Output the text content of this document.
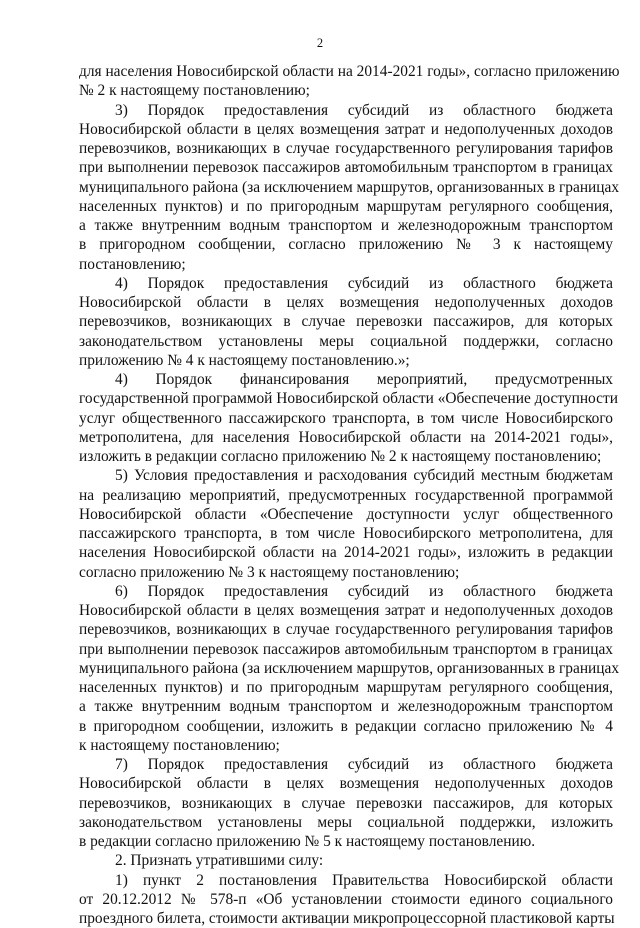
2

для населения Новосибирской области на 2014-2021 годы», согласно приложению

№ 2 к настоящему постановлению;

3) Порядок предоставления субсидий из областного бюджета

Новосибирской области в целях возмещения затрат и недополученных доходов

перевозчиков, возникающих в случае государственного регулирования тарифов

при выполнении перевозок пассажиров автомобильным транспортом в границах

муниципального района (за исключением маршрутов, организованных в границах

населенных пунктов) и по пригородным маршрутам регулярного сообщения,

а также внутренним водным транспортом и железнодорожным транспортом

в пригородном сообщении, согласно приложению № 3 к настоящему

постановлению;

4) Порядок предоставления субсидий из областного бюджета

Новосибирской области в целях возмещения недополученных доходов

перевозчиков, возникающих в случае перевозки пассажиров, для которых

законодательством установлены меры социальной поддержки, согласно

приложению № 4 к настоящему постановлению.»;

4) Порядок финансирования мероприятий, предусмотренных

государственной программой Новосибирской области «Обеспечение доступности

услуг общественного пассажирского транспорта, в том числе Новосибирского

метрополитена, для населения Новосибирской области на 2014-2021 годы»,

изложить в редакции согласно приложению № 2 к настоящему постановлению;

5) Условия предоставления и расходования субсидий местным бюджетам

на реализацию мероприятий, предусмотренных государственной программой

Новосибирской области «Обеспечение доступности услуг общественного

пассажирского транспорта, в том числе Новосибирского метрополитена, для

населения Новосибирской области на 2014-2021 годы», изложить в редакции

согласно приложению № 3 к настоящему постановлению;

6) Порядок предоставления субсидий из областного бюджета

Новосибирской области в целях возмещения затрат и недополученных доходов

перевозчиков, возникающих в случае государственного регулирования тарифов

при выполнении перевозок пассажиров автомобильным транспортом в границах

муниципального района (за исключением маршрутов, организованных в границах

населенных пунктов) и по пригородным маршрутам регулярного сообщения,

а также внутренним водным транспортом и железнодорожным транспортом

в пригородном сообщении, изложить в редакции согласно приложению № 4

к настоящему постановлению;

7) Порядок предоставления субсидий из областного бюджета

Новосибирской области в целях возмещения недополученных доходов

перевозчиков, возникающих в случае перевозки пассажиров, для которых

законодательством установлены меры социальной поддержки, изложить

в редакции согласно приложению № 5 к настоящему постановлению.

2. Признать утратившими силу:

1) пункт 2 постановления Правительства Новосибирской области

от 20.12.2012 № 578-п «Об установлении стоимости единого социального

проездного билета, стоимости активации микропроцессорной пластиковой карты
